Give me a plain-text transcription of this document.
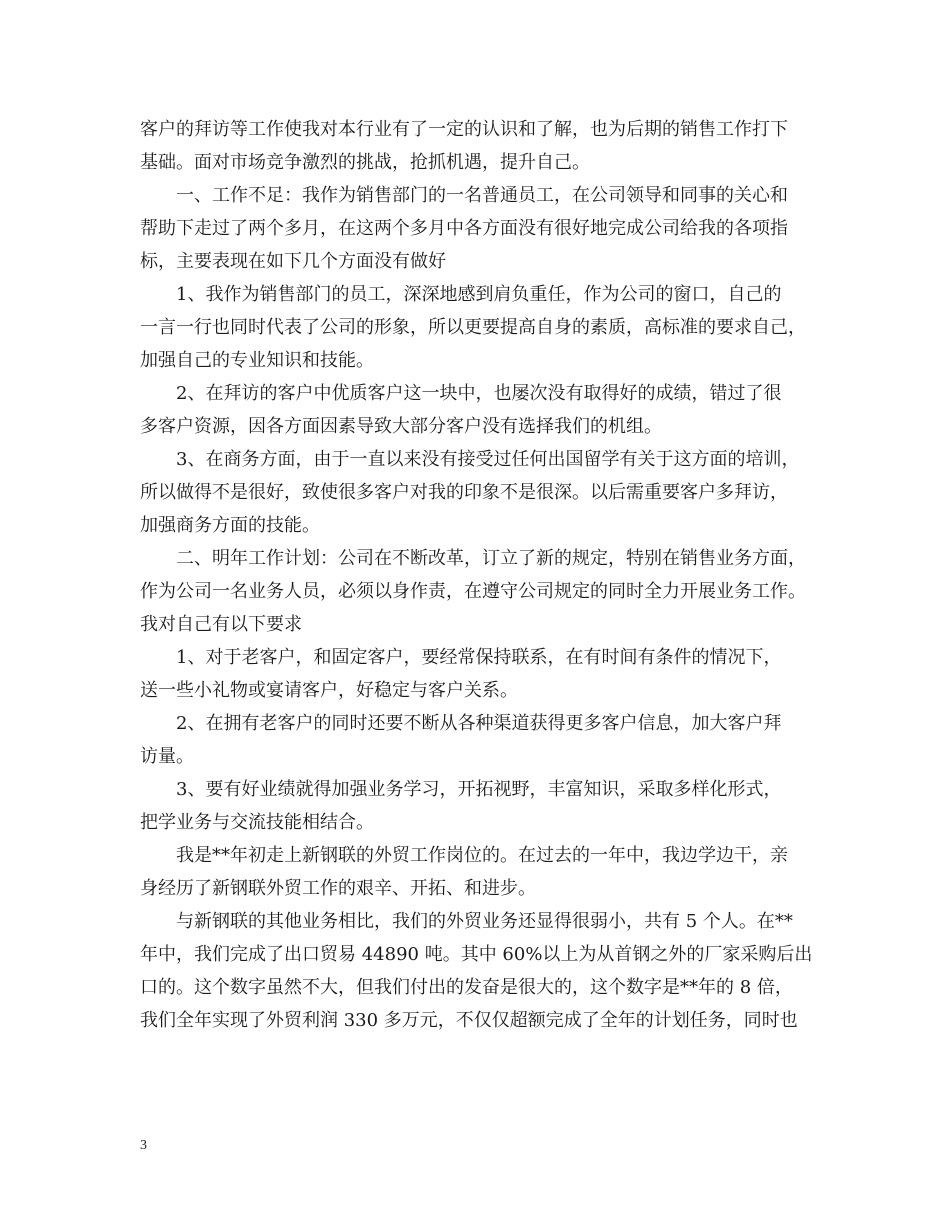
客户的拜访等工作使我对本行业有了一定的认识和了解，也为后期的销售工作打下
基础。面对市场竞争激烈的挑战，抢抓机遇，提升自己。
一、工作不足：我作为销售部门的一名普通员工，在公司领导和同事的关心和
帮助下走过了两个多月，在这两个多月中各方面没有很好地完成公司给我的各项指
标，主要表现在如下几个方面没有做好
1、我作为销售部门的员工，深深地感到肩负重任，作为公司的窗口，自己的
一言一行也同时代表了公司的形象，所以更要提高自身的素质，高标准的要求自己，
加强自己的专业知识和技能。
2、在拜访的客户中优质客户这一块中，也屡次没有取得好的成绩，错过了很
多客户资源，因各方面因素导致大部分客户没有选择我们的机组。
3、在商务方面，由于一直以来没有接受过任何出国留学有关于这方面的培训，
所以做得不是很好，致使很多客户对我的印象不是很深。以后需重要客户多拜访，
加强商务方面的技能。
二、明年工作计划：公司在不断改革，订立了新的规定，特别在销售业务方面，
作为公司一名业务人员，必须以身作责，在遵守公司规定的同时全力开展业务工作。
我对自己有以下要求
1、对于老客户，和固定客户，要经常保持联系，在有时间有条件的情况下，
送一些小礼物或宴请客户，好稳定与客户关系。
2、在拥有老客户的同时还要不断从各种渠道获得更多客户信息，加大客户拜
访量。
3、要有好业绩就得加强业务学习，开拓视野，丰富知识，采取多样化形式，
把学业务与交流技能相结合。
我是**年初走上新钢联的外贸工作岗位的。在过去的一年中，我边学边干，亲
身经历了新钢联外贸工作的艰辛、开拓、和进步。
与新钢联的其他业务相比，我们的外贸业务还显得很弱小，共有 5 个人。在**
年中，我们完成了出口贸易 44890 吨。其中 60%以上为从首钢之外的厂家采购后出
口的。这个数字虽然不大，但我们付出的发奋是很大的，这个数字是**年的 8 倍，
我们全年实现了外贸利润 330 多万元，不仅仅超额完成了全年的计划任务，同时也
3
